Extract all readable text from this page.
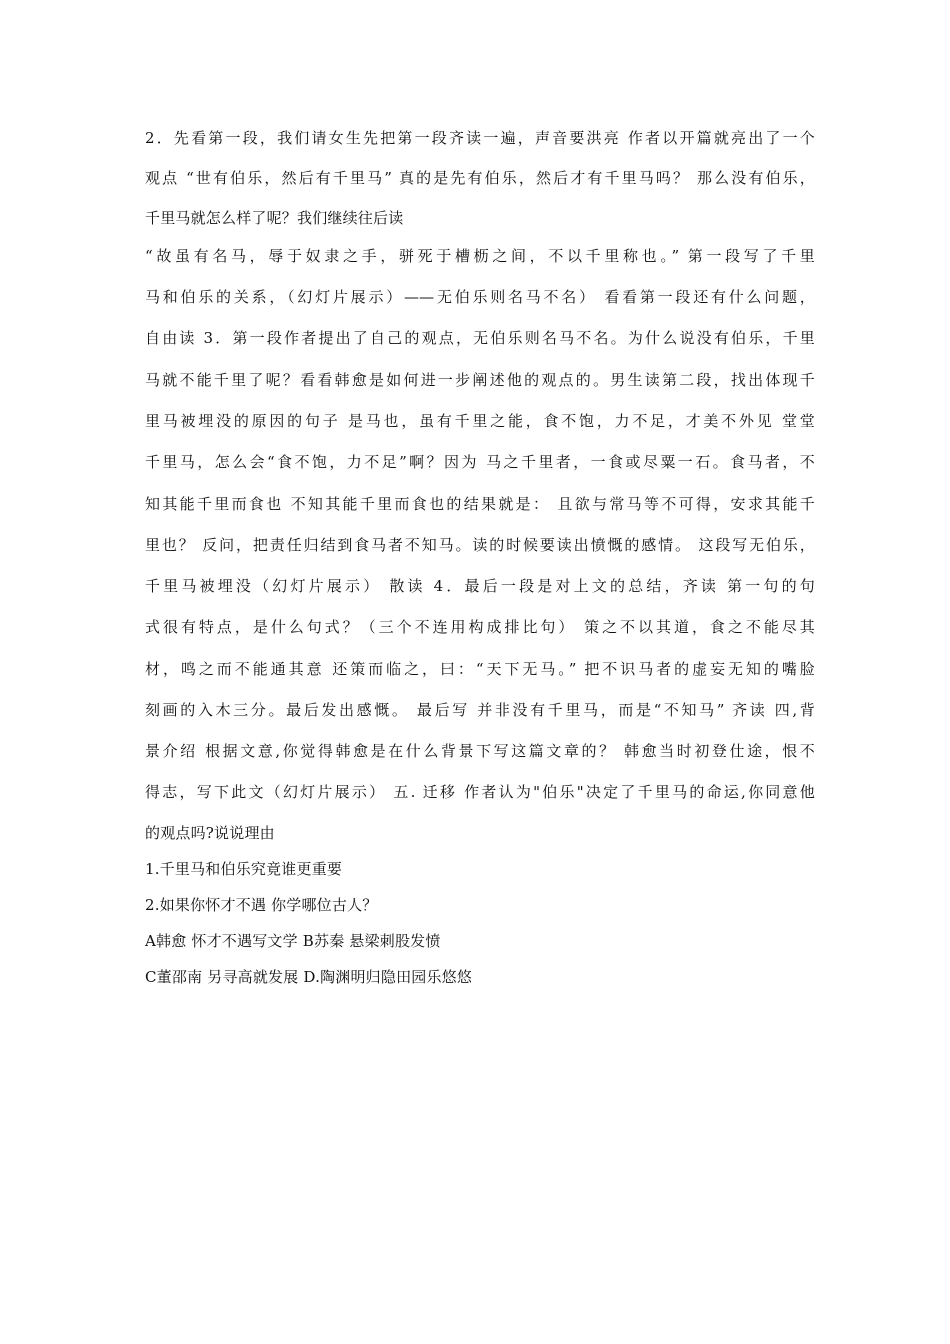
2．先看第一段，我们请女生先把第一段齐读一遍，声音要洪亮 作者以开篇就亮出了一个
观点 “世有伯乐，然后有千里马” 真的是先有伯乐，然后才有千里马吗？ 那么没有伯乐，
千里马就怎么样了呢？我们继续往后读
“故虽有名马，辱于奴隶之手，骈死于槽枥之间，不以千里称也。” 第一段写了千里
马和伯乐的关系，（幻灯片展示）——无伯乐则名马不名） 看看第一段还有什么问题，
自由读 3．第一段作者提出了自己的观点，无伯乐则名马不名。为什么说没有伯乐，千里
马就不能千里了呢？看看韩愈是如何进一步阐述他的观点的。男生读第二段，找出体现千
里马被埋没的原因的句子 是马也，虽有千里之能，食不饱，力不足，才美不外见 堂堂
千里马，怎么会“食不饱，力不足”啊？因为 马之千里者，一食或尽粟一石。食马者，不
知其能千里而食也 不知其能千里而食也的结果就是： 且欲与常马等不可得，安求其能千
里也？ 反问，把责任归结到食马者不知马。读的时候要读出愤慨的感情。 这段写无伯乐，
千里马被埋没（幻灯片展示） 散读 4．最后一段是对上文的总结，齐读 第一句的句
式很有特点，是什么句式？（三个不连用构成排比句） 策之不以其道，食之不能尽其
材，鸣之而不能通其意 还策而临之，曰：“天下无马。” 把不识马者的虚妄无知的嘴脸
刻画的入木三分。最后发出感慨。 最后写 并非没有千里马，而是“不知马” 齐读 四,背
景介绍 根据文意,你觉得韩愈是在什么背景下写这篇文章的？ 韩愈当时初登仕途，恨不
得志，写下此文（幻灯片展示） 五. 迁移 作者认为"伯乐"决定了千里马的命运,你同意他
的观点吗?说说理由
1.千里马和伯乐究竟谁更重要
2.如果你怀才不遇 你学哪位古人？
A韩愈 怀才不遇写文学 B苏秦 悬梁刺股发愤
C董邵南 另寻高就发展 D.陶渊明归隐田园乐悠悠
